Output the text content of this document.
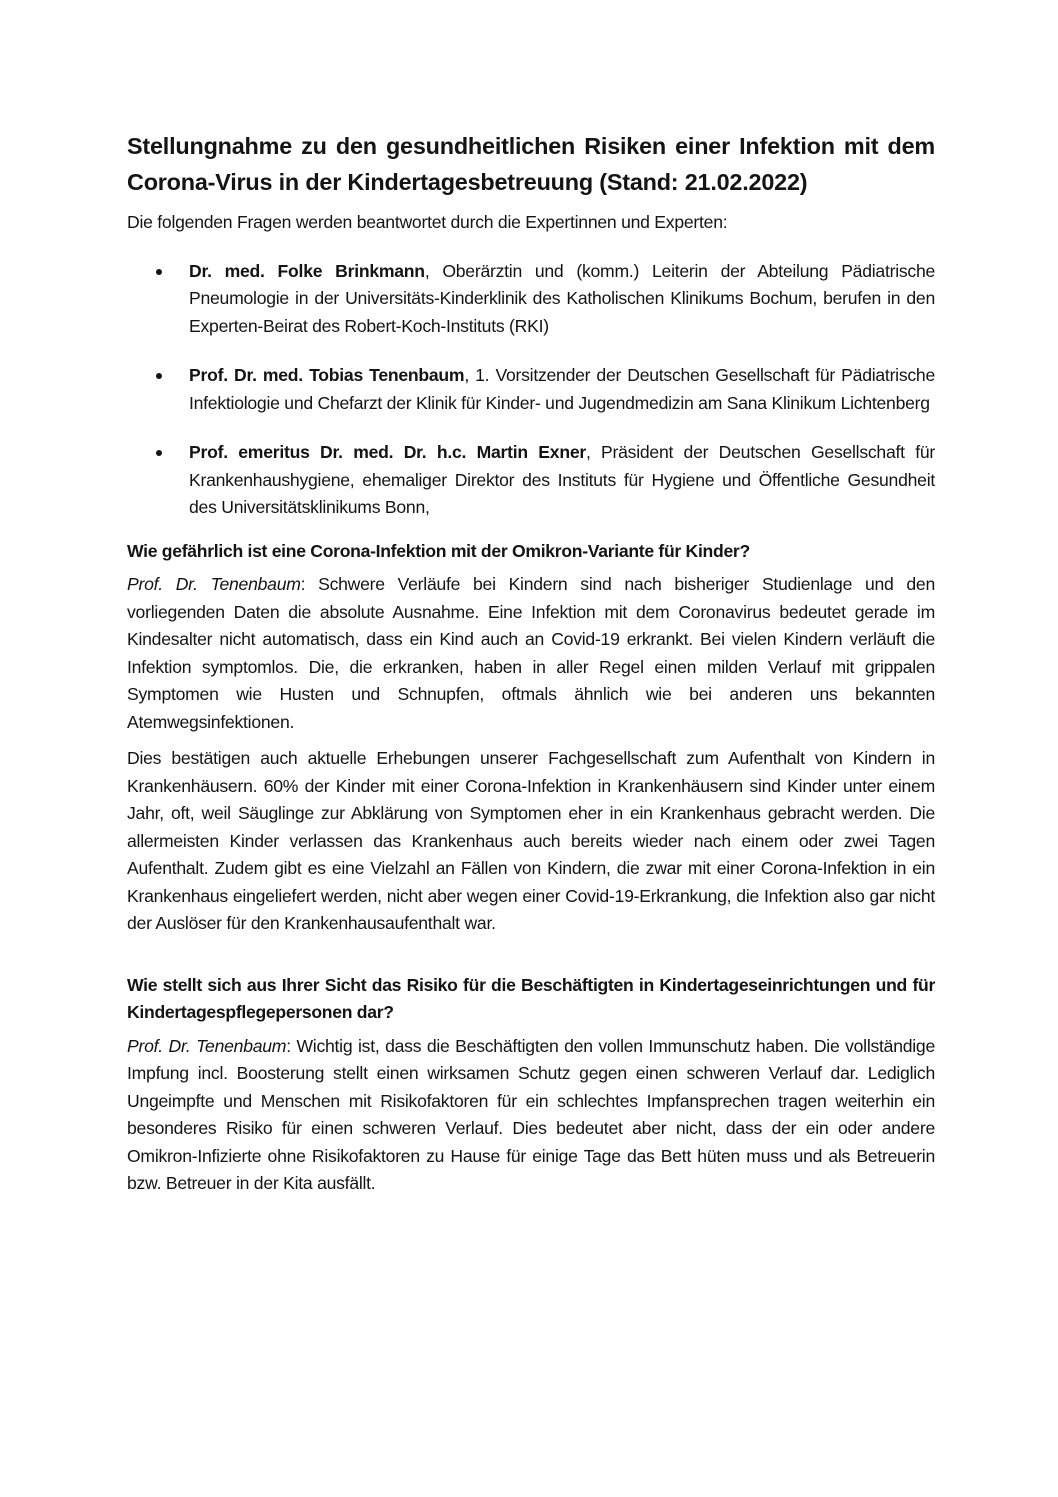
Stellungnahme zu den gesundheitlichen Risiken einer Infektion mit dem Corona-Virus in der Kindertagesbetreuung (Stand: 21.02.2022)

Die folgenden Fragen werden beantwortet durch die Expertinnen und Experten:

Dr. med. Folke Brinkmann, Oberärztin und (komm.) Leiterin der Abteilung Pädiatrische Pneumologie in der Universitäts-Kinderklinik des Katholischen Klinikums Bochum, berufen in den Experten-Beirat des Robert-Koch-Instituts (RKI)
Prof. Dr. med. Tobias Tenenbaum, 1. Vorsitzender der Deutschen Gesellschaft für Pädiatrische Infektiologie und Chefarzt der Klinik für Kinder- und Jugendmedizin am Sana Klinikum Lichtenberg
Prof. emeritus Dr. med. Dr. h.c. Martin Exner, Präsident der Deutschen Gesellschaft für Krankenhaushygiene, ehemaliger Direktor des Instituts für Hygiene und Öffentliche Gesundheit des Universitätsklinikums Bonn,

Wie gefährlich ist eine Corona-Infektion mit der Omikron-Variante für Kinder?

Prof. Dr. Tenenbaum: Schwere Verläufe bei Kindern sind nach bisheriger Studienlage und den vorliegenden Daten die absolute Ausnahme. Eine Infektion mit dem Coronavirus bedeutet gerade im Kindesalter nicht automatisch, dass ein Kind auch an Covid-19 erkrankt. Bei vielen Kindern verläuft die Infektion symptomlos. Die, die erkranken, haben in aller Regel einen milden Verlauf mit grippalen Symptomen wie Husten und Schnupfen, oftmals ähnlich wie bei anderen uns bekannten Atemwegsinfektionen.

Dies bestätigen auch aktuelle Erhebungen unserer Fachgesellschaft zum Aufenthalt von Kindern in Krankenhäusern. 60% der Kinder mit einer Corona-Infektion in Krankenhäusern sind Kinder unter einem Jahr, oft, weil Säuglinge zur Abklärung von Symptomen eher in ein Krankenhaus gebracht werden. Die allermeisten Kinder verlassen das Krankenhaus auch bereits wieder nach einem oder zwei Tagen Aufenthalt. Zudem gibt es eine Vielzahl an Fällen von Kindern, die zwar mit einer Corona-Infektion in ein Krankenhaus eingeliefert werden, nicht aber wegen einer Covid-19-Erkrankung, die Infektion also gar nicht der Auslöser für den Krankenhausaufenthalt war.

Wie stellt sich aus Ihrer Sicht das Risiko für die Beschäftigten in Kindertageseinrichtungen und für Kindertagespflegepersonen dar?

Prof. Dr. Tenenbaum: Wichtig ist, dass die Beschäftigten den vollen Immunschutz haben. Die vollständige Impfung incl. Boosterung stellt einen wirksamen Schutz gegen einen schweren Verlauf dar. Lediglich Ungeimpfte und Menschen mit Risikofaktoren für ein schlechtes Impfansprechen tragen weiterhin ein besonderes Risiko für einen schweren Verlauf. Dies bedeutet aber nicht, dass der ein oder andere Omikron-Infizierte ohne Risikofaktoren zu Hause für einige Tage das Bett hüten muss und als Betreuerin bzw. Betreuer in der Kita ausfällt.
